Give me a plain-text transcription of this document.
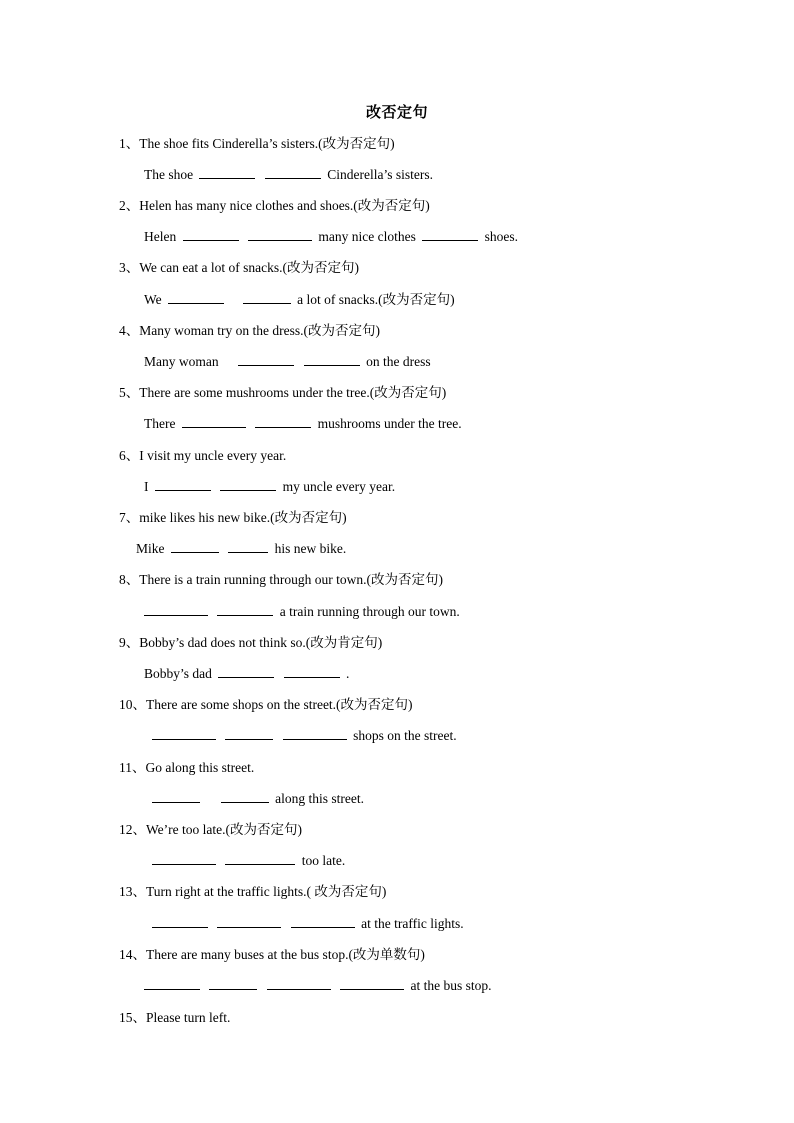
改否定句
1、The shoe fits Cinderella’s sisters.(改为否定句)
The shoe	Cinderella’s sisters.
2、Helen has many nice clothes and shoes.(改为否定句)
Helen	many nice clothes	shoes.
3、We can eat a lot of snacks.(改为否定句)
We	a lot of snacks.(改为否定句)
4、Many woman try on the dress.(改为否定句)
Many woman	on the dress
5、There are some mushrooms under the tree.(改为否定句)
There	mushrooms under the tree.
6、I visit my uncle every year.
I	my uncle every year.
7、mike likes his new bike.(改为否定句)
Mike	his new bike.
8、There is a train running through our town.(改为否定句)
a train running through our town.
9、Bobby’s dad does not think so.(改为肯定句)
Bobby’s dad	.
10、There are some shops on the street.(改为否定句)
shops on the street.
11、Go along this street.
along this street.
12、We’re too late.(改为否定句)
too late.
13、Turn right at the traffic lights.( 改为否定句)
at the traffic lights.
14、There are many buses at the bus stop.(改为单数句)
at the bus stop.
15、Please turn left.
